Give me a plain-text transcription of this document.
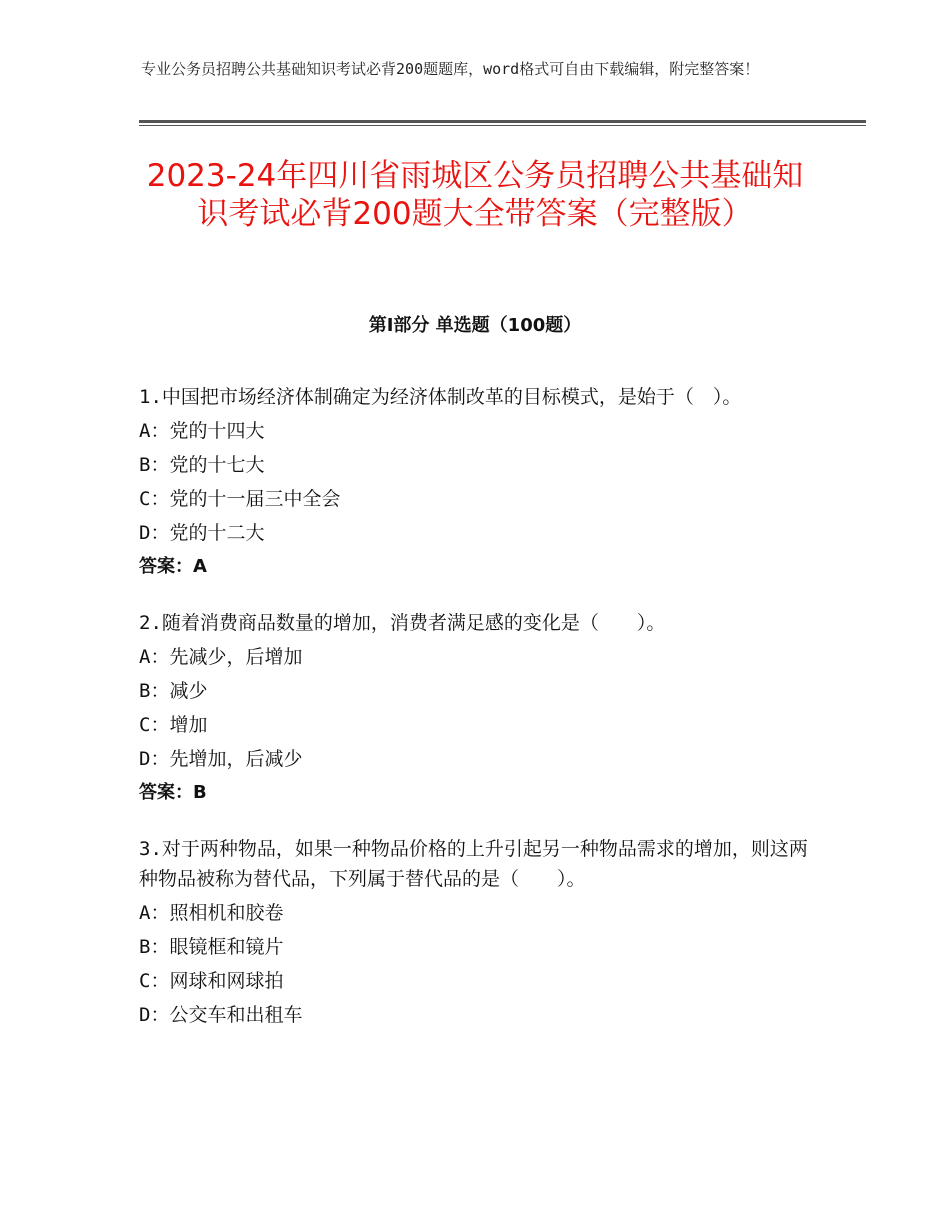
专业公务员招聘公共基础知识考试必背200题题库，word格式可自由下载编辑，附完整答案！
2023-24年四川省雨城区公务员招聘公共基础知识考试必背200题大全带答案（完整版）
第I部分 单选题（100题）
1.中国把市场经济体制确定为经济体制改革的目标模式，是始于（　）。
A：党的十四大
B：党的十七大
C：党的十一届三中全会
D：党的十二大
答案：A
2.随着消费商品数量的增加，消费者满足感的变化是（　　）。
A：先减少，后增加
B：减少
C：增加
D：先增加，后减少
答案：B
3.对于两种物品，如果一种物品价格的上升引起另一种物品需求的增加，则这两种物品被称为替代品，下列属于替代品的是（　　）。
A：照相机和胶卷
B：眼镜框和镜片
C：网球和网球拍
D：公交车和出租车
